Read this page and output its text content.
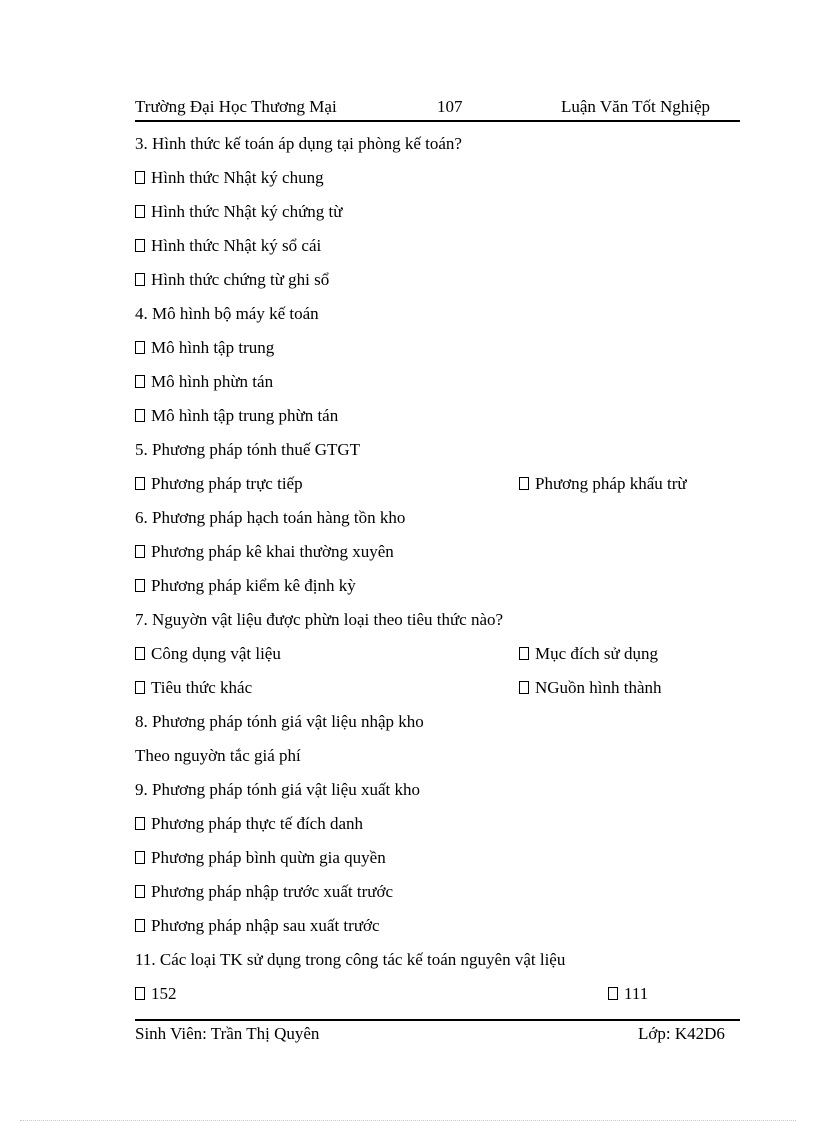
Trường Đại Học Thương Mại	107	Luận Văn Tốt Nghiệp
3. Hình thức kế toán áp dụng tại phòng kế toán?
Hình thức Nhật ký chung
Hình thức Nhật ký chứng từ
Hình thức Nhật ký sổ cái
Hình thức chứng từ ghi sổ
4. Mô hình bộ máy kế toán
Mô hình tập trung
Mô hình phừn tán
Mô hình tập trung phừn tán
5. Phương pháp tónh thuế GTGT
Phương pháp trực tiếp	Phương pháp khấu trừ
6. Phương pháp hạch toán hàng tồn kho
Phương pháp kê khai thường xuyên
Phương pháp kiểm kê định kỳ
7. Nguyờn vật liệu được phừn loại theo tiêu thức nào?
Công dụng vật liệu	Mục đích sử dụng
Tiêu thức khác	NGuồn hình thành
8. Phương pháp tónh giá vật liệu nhập kho
Theo nguyờn tắc giá phí
9. Phương pháp tónh giá vật liệu xuất kho
Phương pháp thực tế đích danh
Phương pháp bình quừn gia quyền
Phương pháp nhập trước xuất trước
Phương pháp nhập sau xuất trước
11. Các loại TK sử dụng trong công tác kế toán nguyên vật liệu
152	111
Sinh Viên: Trần Thị Quyên	Lớp: K42D6
